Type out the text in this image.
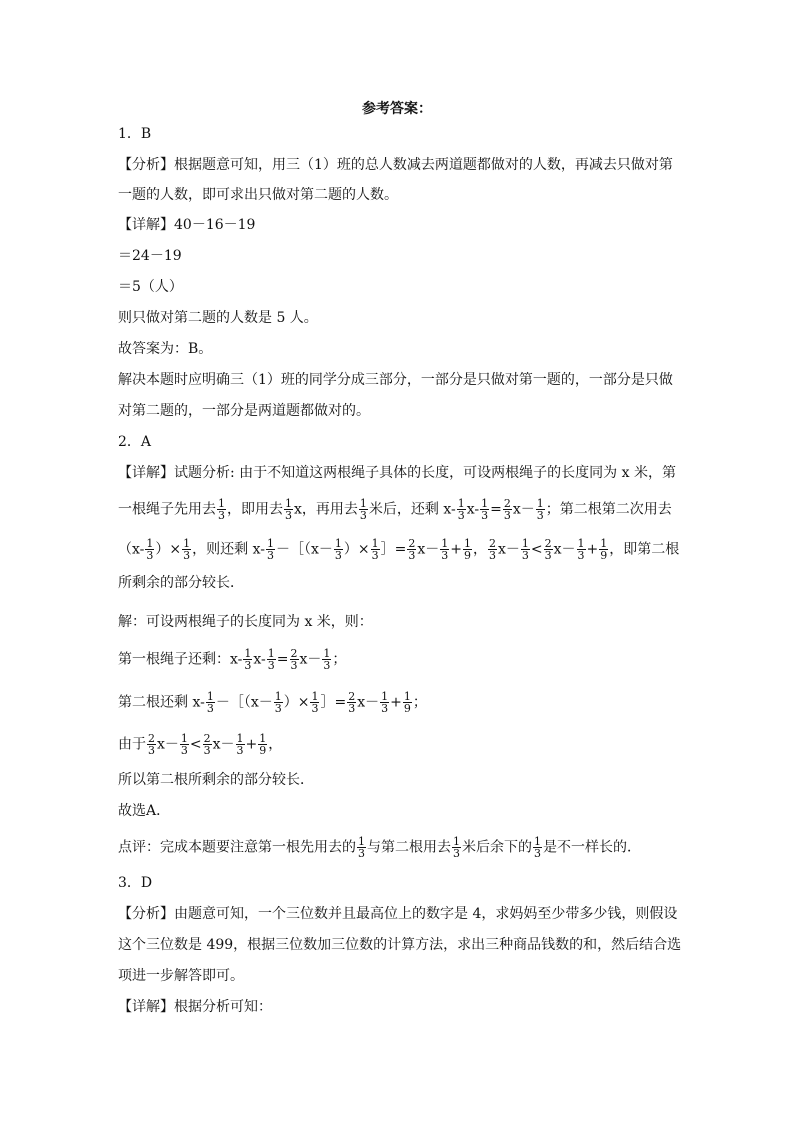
参考答案：
1．B
【分析】根据题意可知，用三（1）班的总人数减去两道题都做对的人数，再减去只做对第
一题的人数，即可求出只做对第二题的人数。
【详解】40－16－19
＝24－19
＝5（人）
则只做对第二题的人数是 5 人。
故答案为：B。
解决本题时应明确三（1）班的同学分成三部分，一部分是只做对第一题的，一部分是只做
对第二题的，一部分是两道题都做对的。
2．A
【详解】试题分析: 由于不知道这两根绳子具体的长度，可设两根绳子的长度同为 x 米，第
一根绳子先用去 $\frac{1}{3}$ ，即用去 $\frac{1}{3}$ x，再用去 $\frac{1}{3}$ 米后，还剩 $x- \frac{1}{3} x- \frac{1}{3} = \frac{2}{3} x- \frac{1}{3}$ ；第二根第二次用去
（$x- \frac{1}{3}$ ）× $\frac{1}{3}$ ，则还剩 $x- \frac{1}{3}$ －［（x－ $\frac{1}{3}$ ）× $\frac{1}{3}$ ］= $\frac{2}{3} x- \frac{1}{3} + \frac{1}{9}$ ， $\frac{2}{3} x- \frac{1}{3} < \frac{2}{3} x- \frac{1}{3} + \frac{1}{9}$ ，即第二根
所剩余的部分较长．
解：可设两根绳子的长度同为 x 米，则：
第一根绳子还剩：$x- \frac{1}{3} x- \frac{1}{3} = \frac{2}{3} x- \frac{1}{3}$ ；
第二根还剩 $x- \frac{1}{3}$ －［（x－ $\frac{1}{3}$ ）× $\frac{1}{3}$ ］= $\frac{2}{3} x- \frac{1}{3} + \frac{1}{9}$ ；
由于 $\frac{2}{3} x- \frac{1}{3} < \frac{2}{3} x- \frac{1}{3} + \frac{1}{9}$ ，
所以第二根所剩余的部分较长．
故选A．
点评：完成本题要注意第一根先用去的 $\frac{1}{3}$ 与第二根用去 $\frac{1}{3}$ 米后余下的 $\frac{1}{3}$ 是不一样长的．
3．D
【分析】由题意可知，一个三位数并且最高位上的数字是 4，求妈妈至少带多少钱，则假设
这个三位数是 499，根据三位数加三位数的计算方法，求出三种商品钱数的和，然后结合选
项进一步解答即可。
【详解】根据分析可知：
